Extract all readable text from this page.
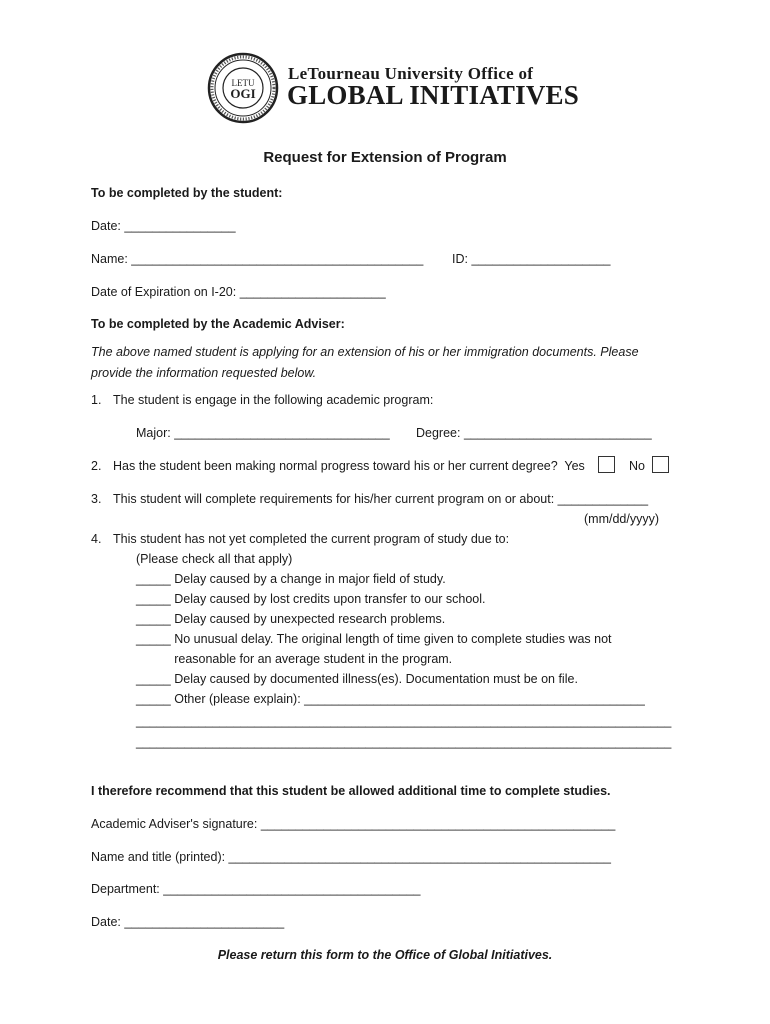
LETU
OGI
LeTourneau University Office of
GLOBAL INITIATIVES
Request for Extension of Program
To be completed by the student:
Date: ________________
Name: __________________________________________ ID: ____________________
Date of Expiration on I-20: _____________________
To be completed by the Academic Adviser:
The above named student is applying for an extension of his or her immigration documents. Please
provide the information requested below.
1. The student is engage in the following academic program:
Major: _______________________________ Degree: ___________________________
2. Has the student been making normal progress toward his or her current degree?  Yes	No
3. This student will complete requirements for his/her current program on or about: _____________
(mm/dd/yyyy)
4. This student has not yet completed the current program of study due to:
(Please check all that apply)
_____ Delay caused by a change in major field of study.
_____ Delay caused by lost credits upon transfer to our school.
_____ Delay caused by unexpected research problems.
_____ No unusual delay. The original length of time given to complete studies was not
reasonable for an average student in the program.
_____ Delay caused by documented illness(es). Documentation must be on file.
_____ Other (please explain): _________________________________________________
_____________________________________________________________________________
_____________________________________________________________________________
I therefore recommend that this student be allowed additional time to complete studies.
Academic Adviser's signature: ___________________________________________________
Name and title (printed): _______________________________________________________
Department: _____________________________________
Date: _______________________
Please return this form to the Office of Global Initiatives.
